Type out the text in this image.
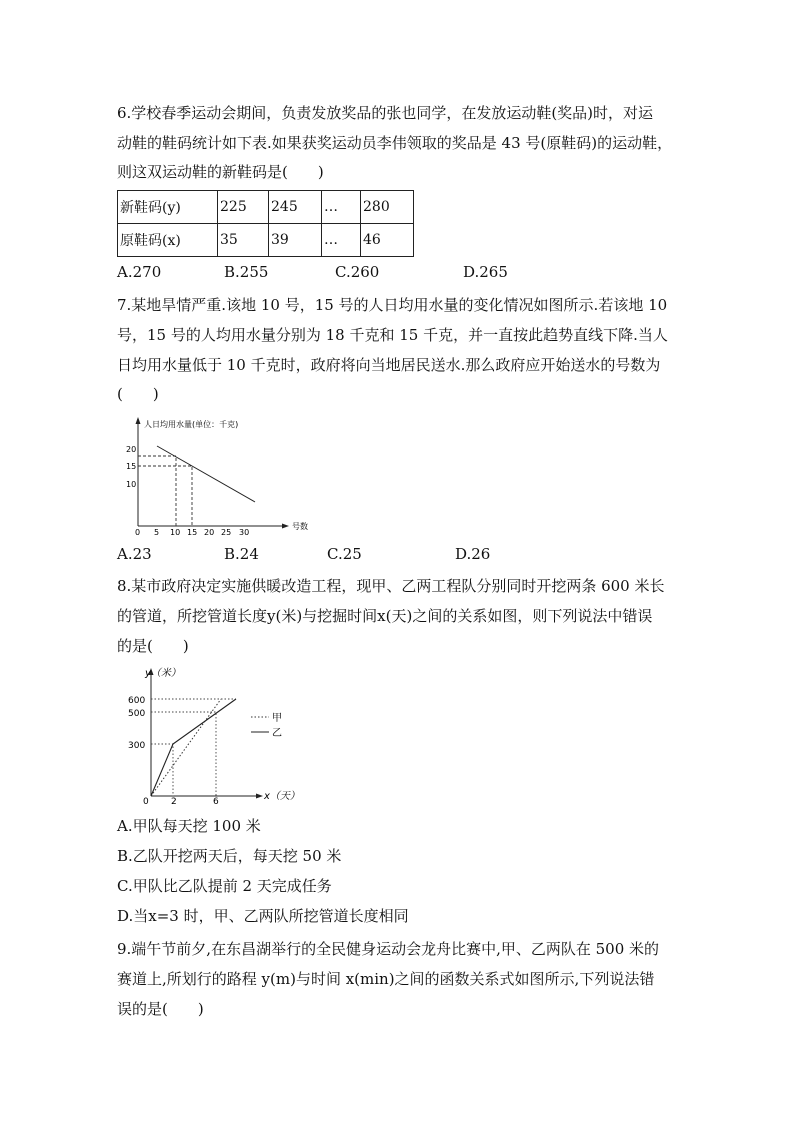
6.学校春季运动会期间，负责发放奖品的张也同学，在发放运动鞋(奖品)时，对运
动鞋的鞋码统计如下表.如果获奖运动员李伟领取的奖品是 43 号(原鞋码)的运动鞋，
则这双运动鞋的新鞋码是(　　)
新鞋码(y)	225	245	…	280
原鞋码(x)	35	39	…	46
A.270	B.255	C.260	D.265
7.某地旱情严重.该地 10 号，15 号的人日均用水量的变化情况如图所示.若该地 10
号，15 号的人均用水量分别为 18 千克和 15 千克，并一直按此趋势直线下降.当人
日均用水量低于 10 千克时，政府将向当地居民送水.那么政府应开始送水的号数为
(　　)
人日均用水量(单位：千克)
号数
20
15
10
0 5 10 15 20 25 30
A.23	B.24	C.25	D.26
8.某市政府决定实施供暖改造工程，现甲、乙两工程队分别同时开挖两条 600 米长
的管道，所挖管道长度y(米)与挖掘时间x(天)之间的关系如图，则下列说法中错误
的是(　　)
y（米）
x（天）
600
500
300
0 2	6
甲
乙
A.甲队每天挖 100 米
B.乙队开挖两天后，每天挖 50 米
C.甲队比乙队提前 2 天完成任务
D.当x=3 时，甲、乙两队所挖管道长度相同
9.端午节前夕,在东昌湖举行的全民健身运动会龙舟比赛中,甲、乙两队在 500 米的
赛道上,所划行的路程 y(m)与时间 x(min)之间的函数关系式如图所示,下列说法错
误的是(　　)
